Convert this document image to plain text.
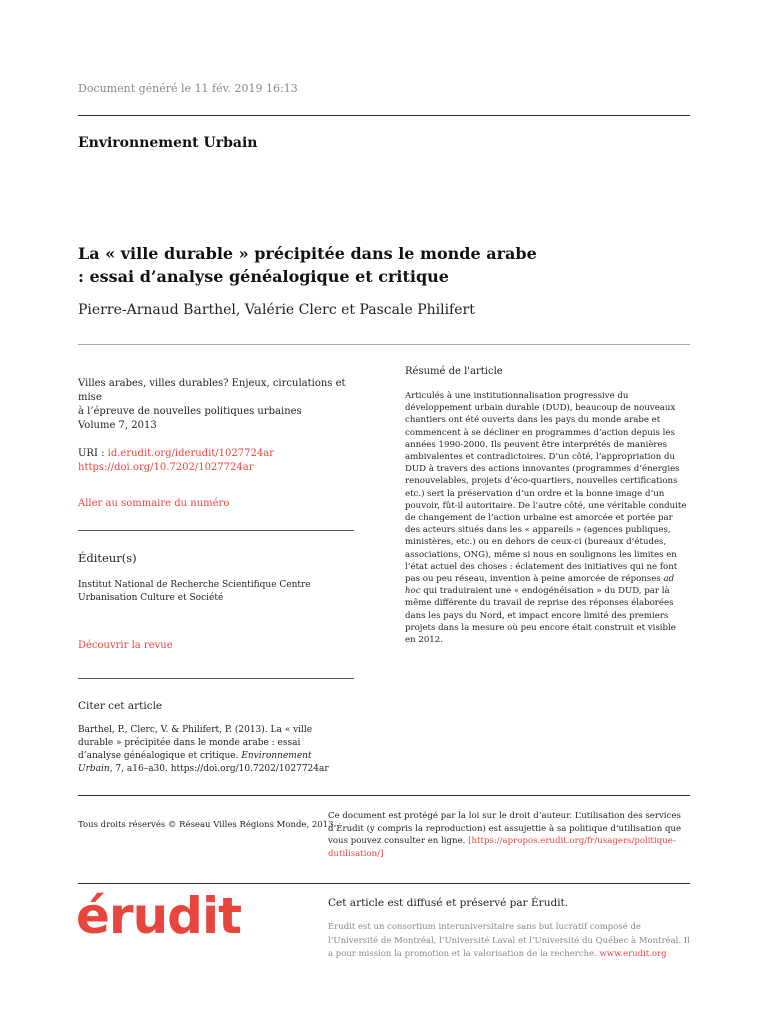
Document généré le 11 fév. 2019 16:13
Environnement Urbain
La « ville durable » précipitée dans le monde arabe : essai d’analyse généalogique et critique
Pierre-Arnaud Barthel, Valérie Clerc et Pascale Philifert

Villes arabes, villes durables? Enjeux, circulations et mise

à l’épreuve de nouvelles politiques urbaines

Volume 7, 2013

URI : id.erudit.org/iderudit/1027724ar

https://doi.org/10.7202/1027724ar

Aller au sommaire du numéro

Éditeur(s)
Institut National de Recherche Scientifique Centre Urbanisation Culture et Société
Découvrir la revue
Citer cet article
Barthel, P., Clerc, V. & Philifert, P. (2013). La « ville durable » précipitée dans le monde arabe : essai d’analyse généalogique et critique. Environnement Urbain, 7, a16–a30. https://doi.org/10.7202/1027724ar
Résumé de l'article
Articulés à une institutionnalisation progressive du développement urbain durable (DUD), beaucoup de nouveaux chantiers ont été ouverts dans les pays du monde arabe et commencent à se décliner en programmes d’action depuis les années 1990-2000. Ils peuvent être interprétés de manières ambivalentes et contradictoires. D’un côté, l’appropriation du DUD à travers des actions innovantes (programmes d’énergies renouvelables, projets d’éco-quartiers, nouvelles certifications etc.) sert la préservation d’un ordre et la bonne image d’un pouvoir, fût-il autoritaire. De l’autre côté, une véritable conduite de changement de l’action urbaine est amorcée et portée par des acteurs situés dans les « appareils » (agences publiques, ministères, etc.) ou en dehors de ceux-ci (bureaux d’études, associations, ONG), même si nous en soulignons les limites en l’état actuel des choses : éclatement des initiatives qui ne font pas ou peu réseau, invention à peine amorcée de réponses ad hoc qui traduiraient une « endogénéisation » du DUD, par là même différente du travail de reprise des réponses élaborées dans les pays du Nord, et impact encore limité des premiers projets dans la mesure où peu encore était construit et visible en 2012.
Tous droits réservés © Réseau Villes Régions Monde, 2013
Ce document est protégé par la loi sur le droit d’auteur. L’utilisation des services d’Érudit (y compris la reproduction) est assujettie à sa politique d’utilisation que vous pouvez consulter en ligne. [https://apropos.erudit.org/fr/usagers/politique-dutilisation/]
érudit	Cet article est diffusé et préservé par Érudit.
Érudit est un consortium interuniversitaire sans but lucratif composé de l’Université de Montréal, l’Université Laval et l’Université du Québec à Montréal. Il a pour mission la promotion et la valorisation de la recherche. www.erudit.org
